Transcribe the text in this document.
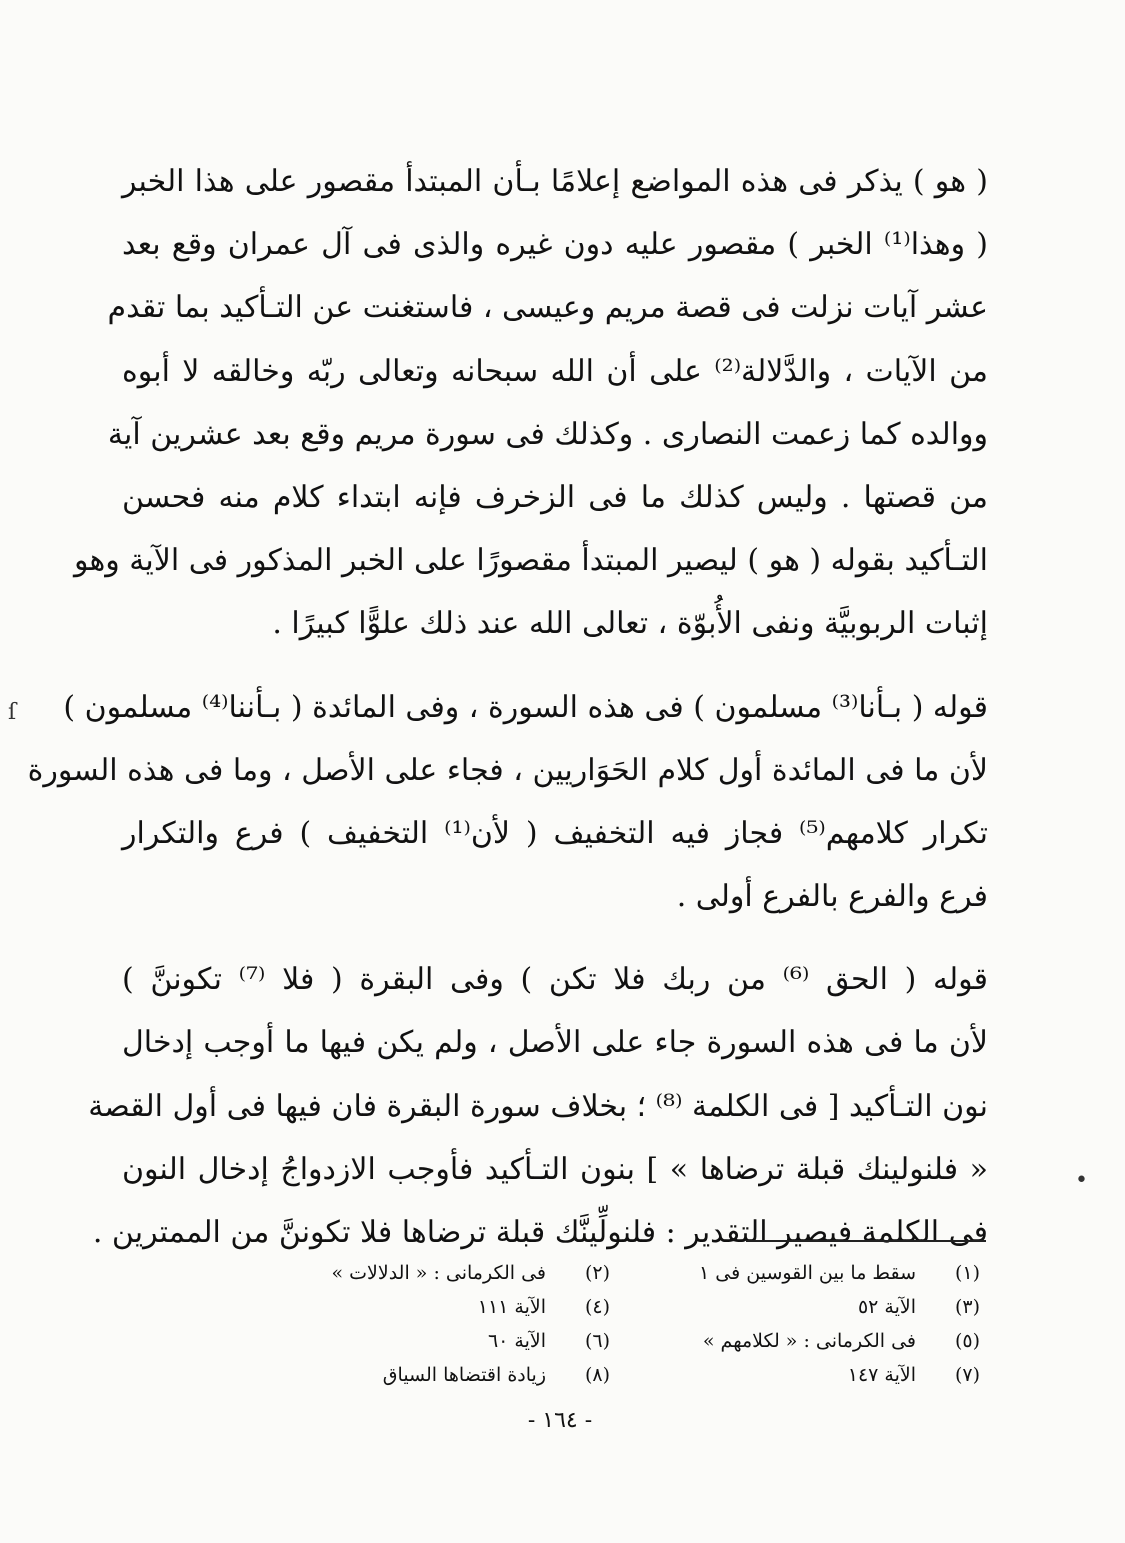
( هو ) يذكر فى هذه المواضع إعلامًا بـأن المبتدأ مقصور على هذا الخبر
( وهذا⁽¹⁾ الخبر ) مقصور عليه دون غيره والذى فى آل عمران وقع بعد
عشر آيات نزلت فى قصة مريم وعيسى ، فاستغنت عن التـأكيد بما تقدم
من الآيات ، والدَّلالة⁽²⁾ على أن الله سبحانه وتعالى ربّه وخالقه لا أبوه
ووالده كما زعمت النصارى . وكذلك فى سورة مريم وقع بعد عشرين آية
من قصتها . وليس كذلك ما فى الزخرف فإنه ابتداء كلام منه فحسن
التـأكيد بقوله ( هو ) ليصير المبتدأ مقصورًا على الخبر المذكور فى الآية وهو
إثبات الربوبيَّة ونفى الأُبوّة ، تعالى الله عند ذلك علوًّا كبيرًا .
قوله ( بـأنا⁽³⁾ مسلمون ) فى هذه السورة ، وفى المائدة ( بـأننا⁽⁴⁾ مسلمون )
لأن ما فى المائدة أول كلام الحَوَاريين ، فجاء على الأصل ، وما فى هذه السورة
تكرار كلامهم⁽⁵⁾ فجاز فيه التخفيف ( لأن⁽¹⁾ التخفيف ) فرع والتكرار
فرع والفرع بالفرع أولى .
قوله ( الحق ⁽⁶⁾ من ربك فلا تكن ) وفى البقرة ( فلا ⁽⁷⁾ تكوننَّ )
لأن ما فى هذه السورة جاء على الأصل ، ولم يكن فيها ما أوجب إدخال
نون التـأكيد [ فى الكلمة ⁽⁸⁾ ؛ بخلاف سورة البقرة فان فيها فى أول القصة
« فلنولينك قبلة ترضاها » ] بنون التـأكيد فأوجب الازدواجُ إدخال النون
فى الكلمة فيصير التقدير : فلنولِّينَّك قبلة ترضاها فلا تكوننَّ من الممترين .
(١)
سقط ما بين القوسين فى ١
(٢)
فى الكرمانى : « الدلالات »
(٣)
الآية ٥٢
(٤)
الآية ١١١
(٥)
فى الكرمانى : « لكلامهم »
(٦)
الآية ٦٠
(٧)
الآية ١٤٧
(٨)
زيادة اقتضاها السياق
- ١٦٤ -
ſ
•
